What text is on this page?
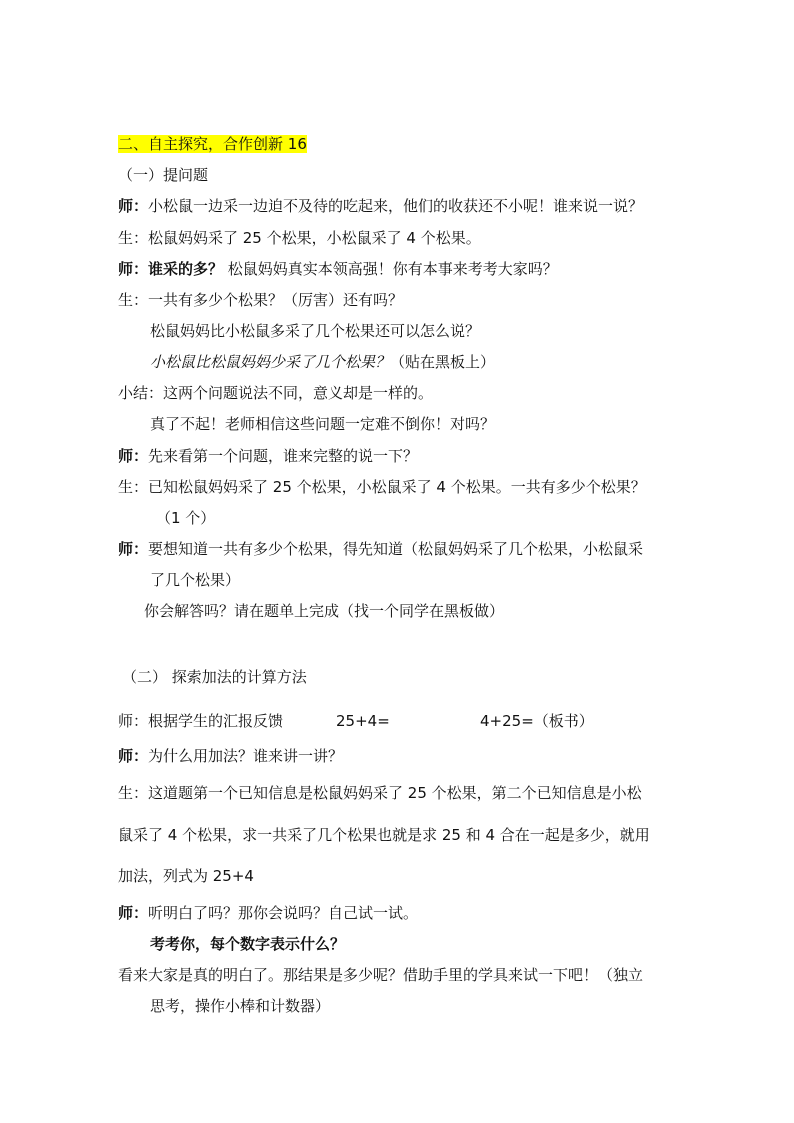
二、自主探究，合作创新 16
（一）提问题
师：小松鼠一边采一边迫不及待的吃起来，他们的收获还不小呢！谁来说一说？
生：松鼠妈妈采了 25 个松果，小松鼠采了 4 个松果。
师：谁采的多？ 松鼠妈妈真实本领高强！你有本事来考考大家吗？
生：一共有多少个松果？（厉害）还有吗？
松鼠妈妈比小松鼠多采了几个松果还可以怎么说？
小松鼠比松鼠妈妈少采了几个松果？（贴在黑板上）
小结：这两个问题说法不同，意义却是一样的。
真了不起！老师相信这些问题一定难不倒你！对吗？
师：先来看第一个问题，谁来完整的说一下？
生：已知松鼠妈妈采了 25 个松果，小松鼠采了 4 个松果。一共有多少个松果？
（1 个）
师：要想知道一共有多少个松果，得先知道（松鼠妈妈采了几个松果，小松鼠采
了几个松果）
你会解答吗？请在题单上完成（找一个同学在黑板做）
（二） 探索加法的计算方法
师：根据学生的汇报反馈	25+4=	4+25=（板书）
师：为什么用加法？谁来讲一讲？
生：这道题第一个已知信息是松鼠妈妈采了 25 个松果，第二个已知信息是小松
鼠采了 4 个松果，求一共采了几个松果也就是求 25 和 4 合在一起是多少，就用
加法，列式为 25+4
师：听明白了吗？那你会说吗？自己试一试。
考考你，每个数字表示什么？
看来大家是真的明白了。那结果是多少呢？借助手里的学具来试一下吧！（独立
思考，操作小棒和计数器）
